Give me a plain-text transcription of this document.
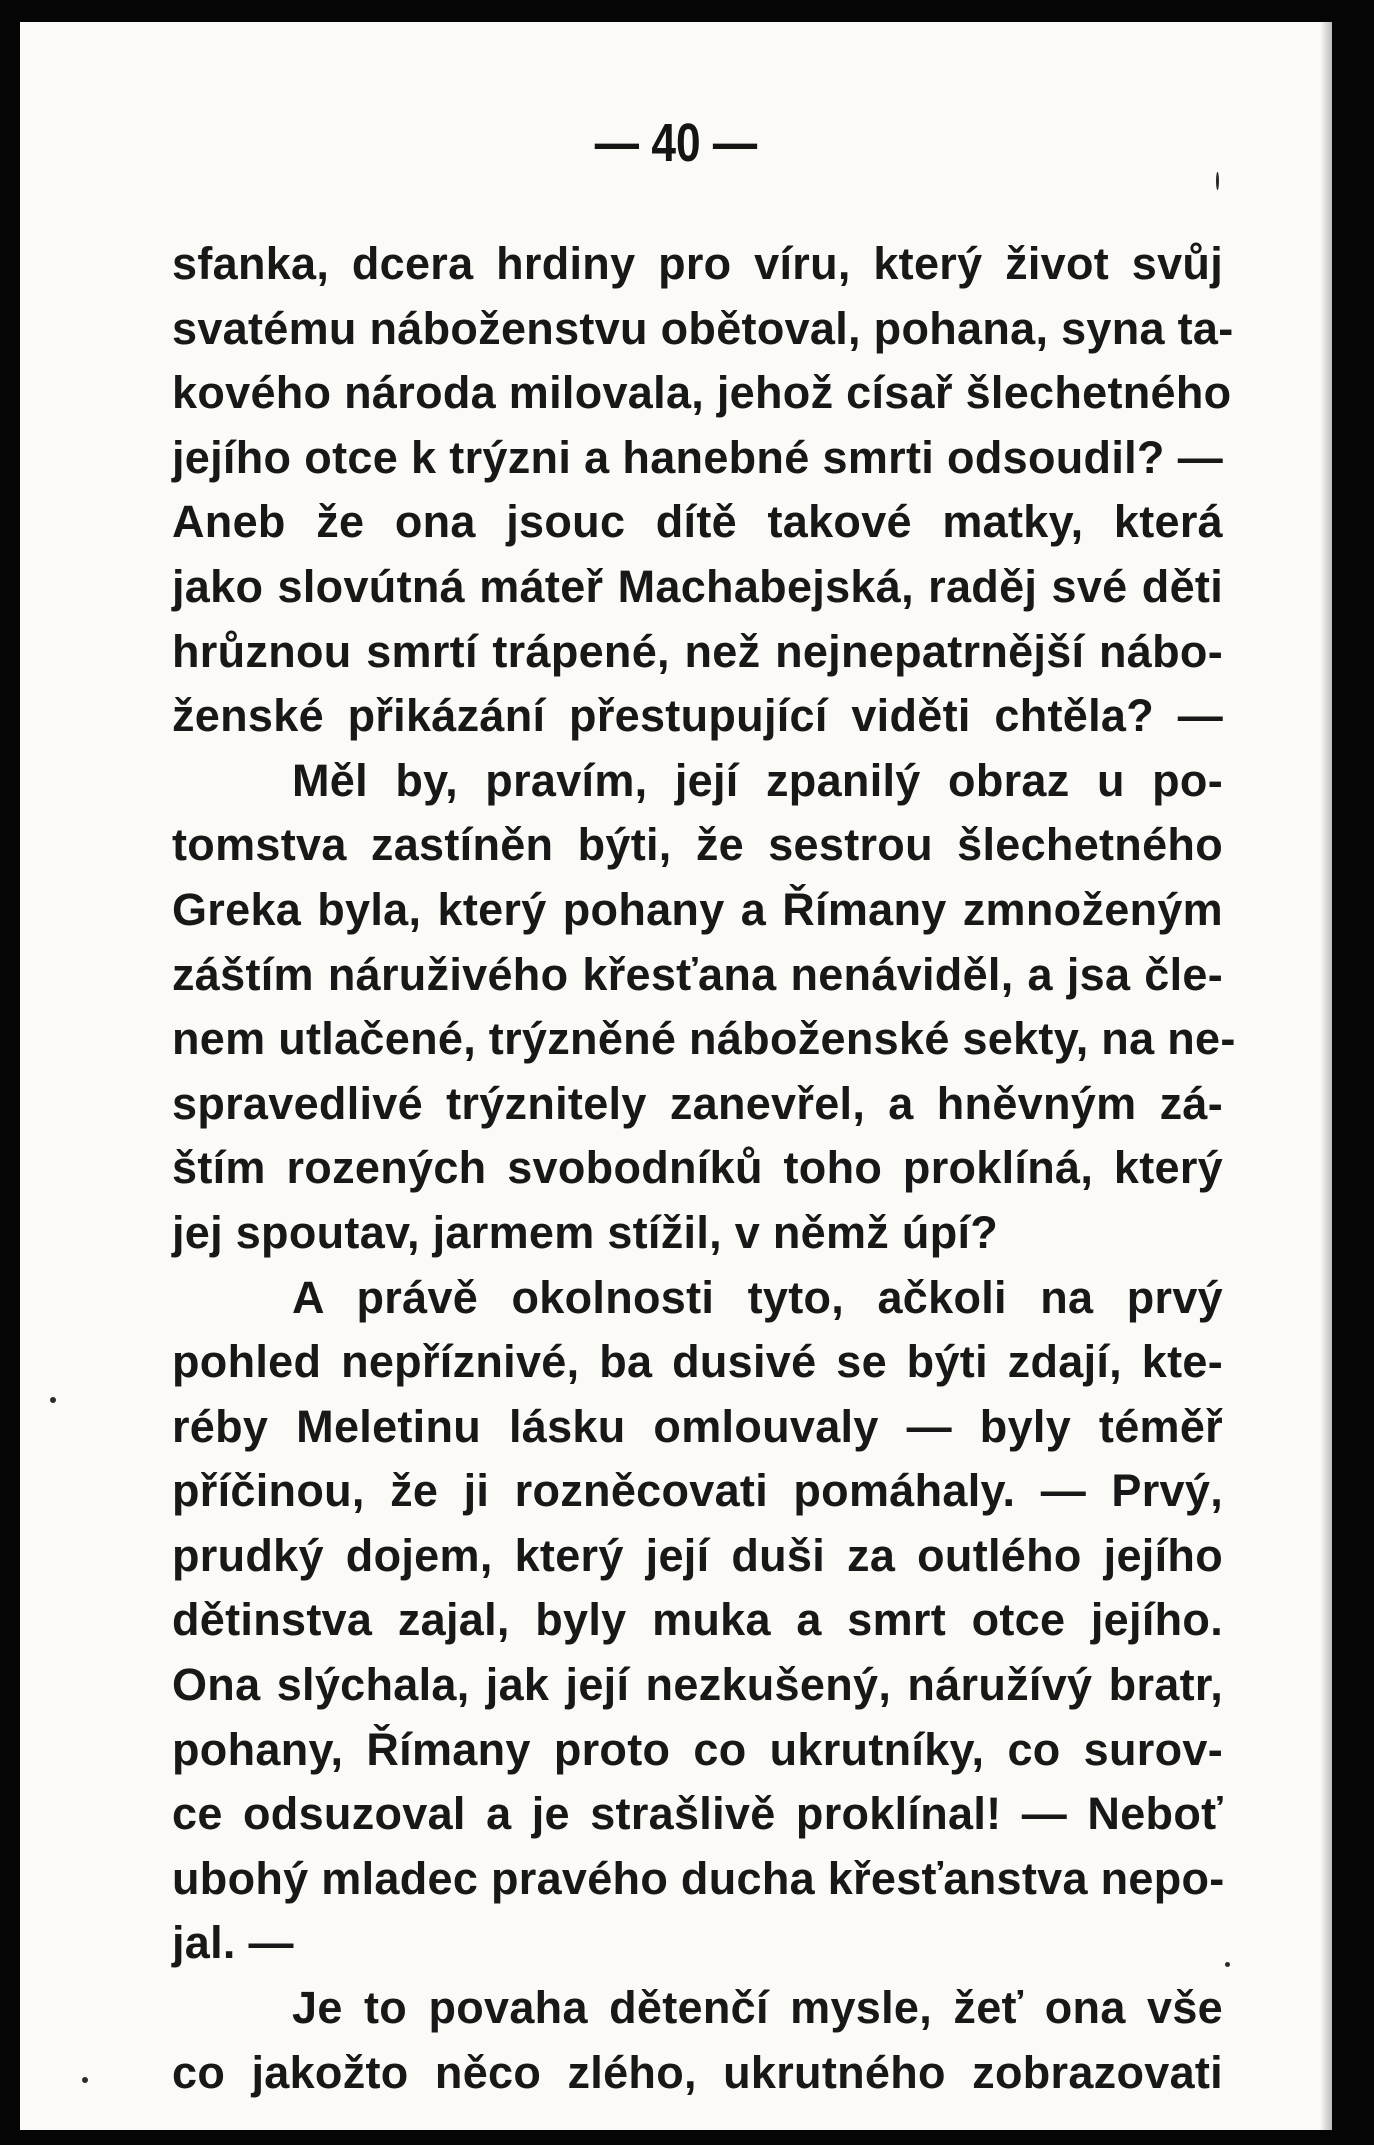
— 40 —
sfanka, dcera hrdiny pro víru, který život svůj
svatému náboženstvu obětoval, pohana, syna ta-
kového národa milovala, jehož císař šlechetného
jejího otce k trýzni a hanebné smrti odsoudil? —
Aneb že ona jsouc dítě takové matky, která
jako slovútná máteř Machabejská, raděj své děti
hrůznou smrtí trápené, než nejnepatrnější nábo-
ženské přikázání přestupující viděti chtěla? —
Měl by, pravím, její zpanilý obraz u po-
tomstva zastíněn býti, že sestrou šlechetného
Greka byla, který pohany a Římany zmnoženým
záštím náruživého křesťana nenáviděl, a jsa čle-
nem utlačené, trýzněné náboženské sekty, na ne-
spravedlivé trýznitely zanevřel, a hněvným zá-
štím rozených svobodníků toho proklíná, který
jej spoutav, jarmem stížil, v němž úpí?
A právě okolnosti tyto, ačkoli na prvý
pohled nepříznivé, ba dusivé se býti zdají, kte-
réby Meletinu lásku omlouvaly — byly téměř
příčinou, že ji rozněcovati pomáhaly. — Prvý,
prudký dojem, který její duši za outlého jejího
dětinstva zajal, byly muka a smrt otce jejího.
Ona slýchala, jak její nezkušený, náružívý bratr,
pohany, Římany proto co ukrutníky, co surov-
ce odsuzoval a je strašlivě proklínal! — Neboť
ubohý mladec pravého ducha křesťanstva nepo-
jal. —
Je to povaha dětenčí mysle, žeť ona vše
co jakožto něco zlého, ukrutného zobrazovati
